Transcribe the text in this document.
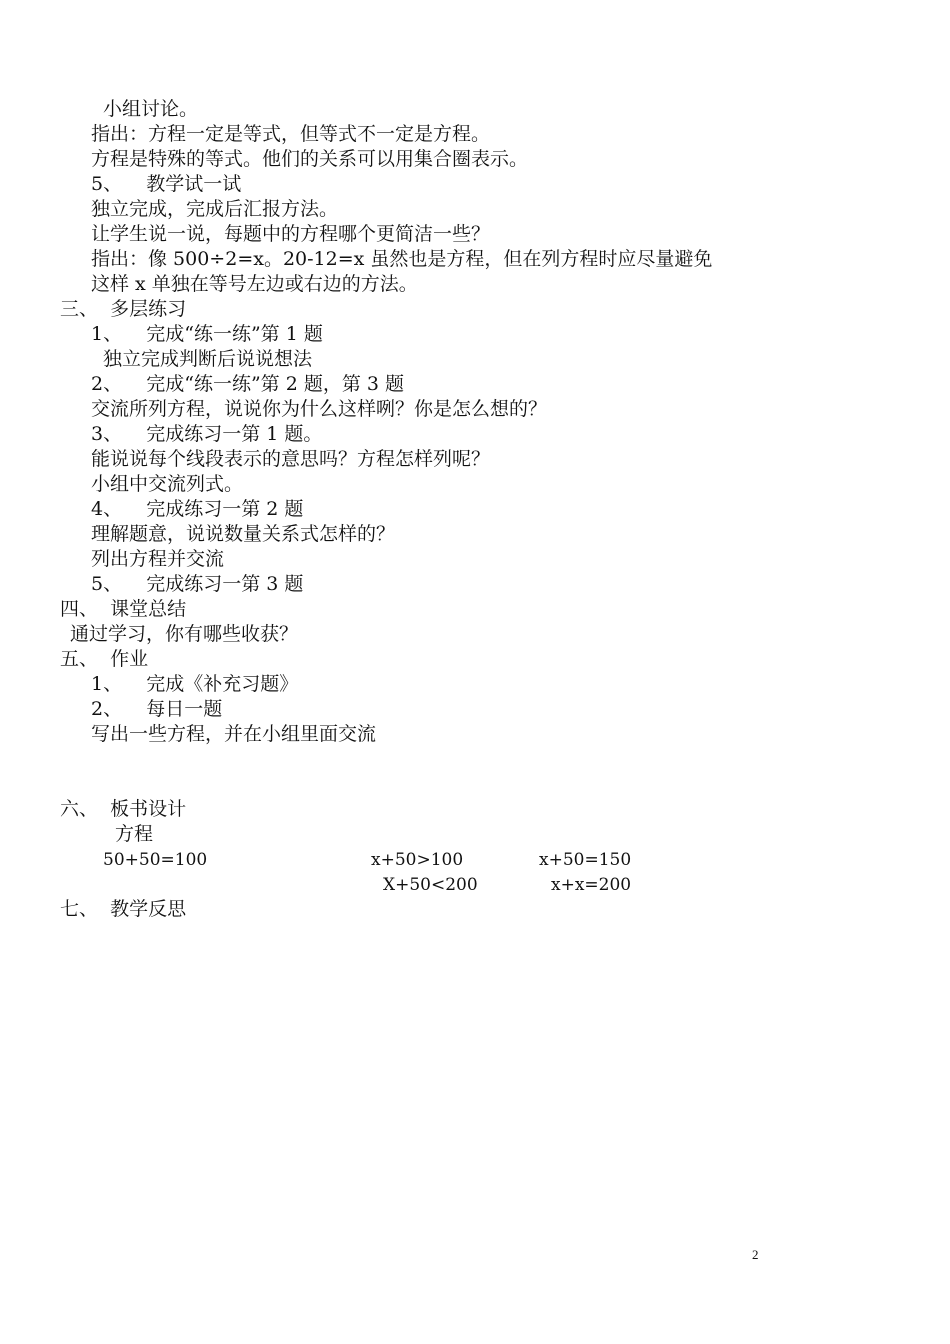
小组讨论。
指出：方程一定是等式，但等式不一定是方程。
方程是特殊的等式。他们的关系可以用集合圈表示。
5、    教学试一试
独立完成，完成后汇报方法。
让学生说一说，每题中的方程哪个更简洁一些？
指出：像 500÷2=x。20-12=x 虽然也是方程，但在列方程时应尽量避免
这样 x 单独在等号左边或右边的方法。
三、  多层练习
1、    完成“练一练”第 1 题
独立完成判断后说说想法
2、    完成“练一练”第 2 题，第 3 题
交流所列方程，说说你为什么这样咧？你是怎么想的？
3、    完成练习一第 1 题。
能说说每个线段表示的意思吗？方程怎样列呢？
小组中交流列式。
4、    完成练习一第 2 题
理解题意，说说数量关系式怎样的？
列出方程并交流
5、    完成练习一第 3 题
四、  课堂总结
通过学习，你有哪些收获？
五、  作业
1、    完成《补充习题》
2、    每日一题
写出一些方程，并在小组里面交流
六、  板书设计
方程
50+50=100	x+50>100	x+50=150
X+50<200	x+x=200
七、  教学反思
2
